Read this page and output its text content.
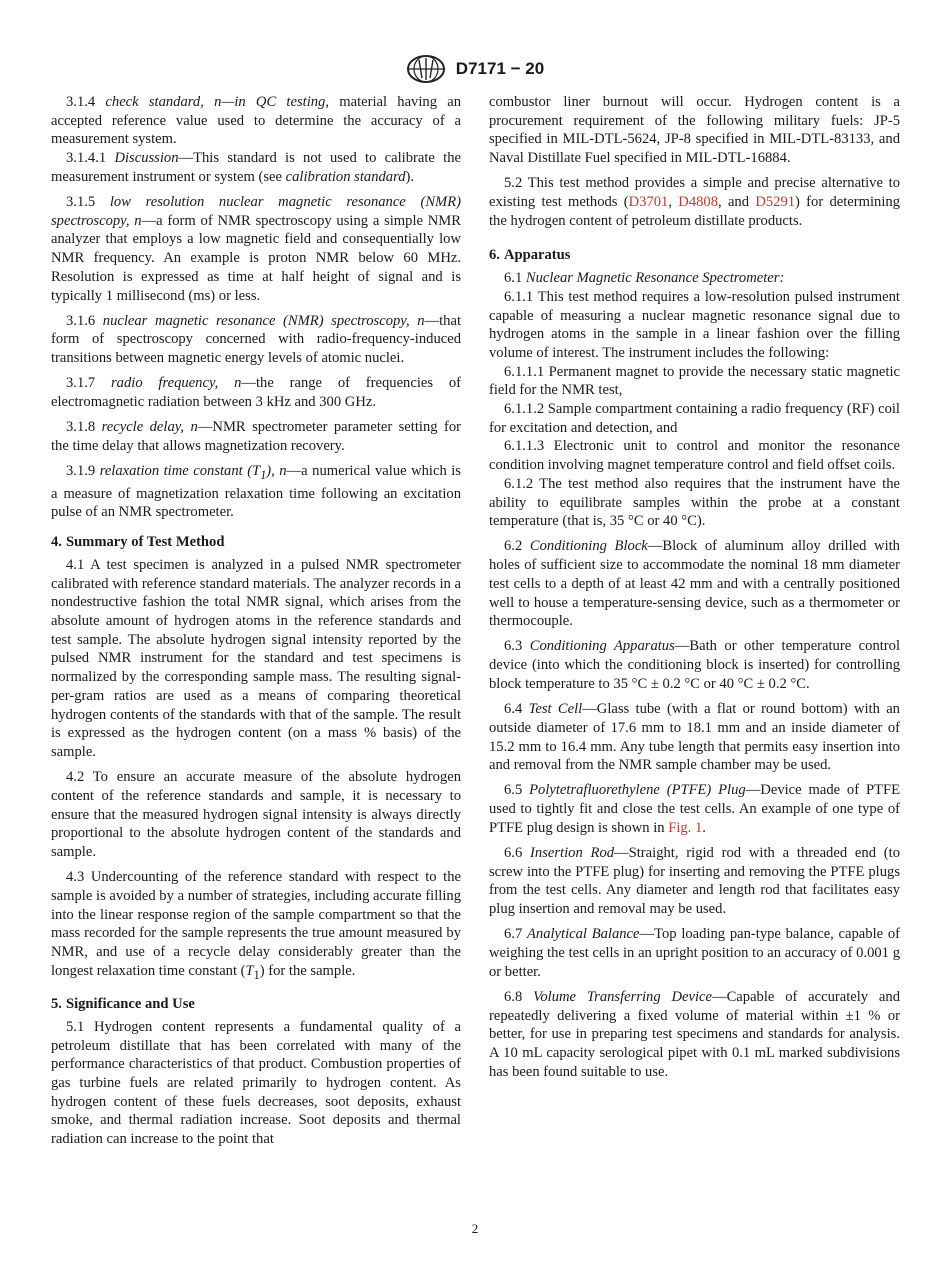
D7171 − 20

3.1.4 check standard, n—in QC testing, material having an accepted reference value used to determine the accuracy of a measurement system.

3.1.4.1 Discussion—This standard is not used to calibrate the measurement instrument or system (see calibration standard).

3.1.5 low resolution nuclear magnetic resonance (NMR) spectroscopy, n—a form of NMR spectroscopy using a simple NMR analyzer that employs a low magnetic field and consequentially low NMR frequency. An example is proton NMR below 60 MHz. Resolution is expressed as time at half height of signal and is typically 1 millisecond (ms) or less.

3.1.6 nuclear magnetic resonance (NMR) spectroscopy, n—that form of spectroscopy concerned with radio-frequency-induced transitions between magnetic energy levels of atomic nuclei.

3.1.7 radio frequency, n—the range of frequencies of electromagnetic radiation between 3 kHz and 300 GHz.

3.1.8 recycle delay, n—NMR spectrometer parameter setting for the time delay that allows magnetization recovery.

3.1.9 relaxation time constant $(T_1)$, n—a numerical value which is a measure of magnetization relaxation time following an excitation pulse of an NMR spectrometer.

4. Summary of Test Method

4.1 A test specimen is analyzed in a pulsed NMR spectrometer calibrated with reference standard materials. The analyzer records in a nondestructive fashion the total NMR signal, which arises from the absolute amount of hydrogen atoms in the reference standards and test sample. The absolute hydrogen signal intensity reported by the pulsed NMR instrument for the standard and test specimens is normalized by the corresponding sample mass. The resulting signal-per-gram ratios are used as a means of comparing theoretical hydrogen contents of the standards with that of the sample. The result is expressed as the hydrogen content (on a mass % basis) of the sample.

4.2 To ensure an accurate measure of the absolute hydrogen content of the reference standards and sample, it is necessary to ensure that the measured hydrogen signal intensity is always directly proportional to the absolute hydrogen content of the standards and sample.

4.3 Undercounting of the reference standard with respect to the sample is avoided by a number of strategies, including accurate filling into the linear response region of the sample compartment so that the mass recorded for the sample represents the true amount measured by NMR, and use of a recycle delay considerably greater than the longest relaxation time constant $(T_1)$ for the sample.

5. Significance and Use

5.1 Hydrogen content represents a fundamental quality of a petroleum distillate that has been correlated with many of the performance characteristics of that product. Combustion properties of gas turbine fuels are related primarily to hydrogen content. As hydrogen content of these fuels decreases, soot deposits, exhaust smoke, and thermal radiation increase. Soot deposits and thermal radiation can increase to the point that

combustor liner burnout will occur. Hydrogen content is a procurement requirement of the following military fuels: JP-5 specified in MIL-DTL-5624, JP-8 specified in MIL-DTL-83133, and Naval Distillate Fuel specified in MIL-DTL-16884.

5.2 This test method provides a simple and precise alternative to existing test methods (D3701, D4808, and D5291) for determining the hydrogen content of petroleum distillate products.

6. Apparatus

6.1 Nuclear Magnetic Resonance Spectrometer:

6.1.1 This test method requires a low-resolution pulsed instrument capable of measuring a nuclear magnetic resonance signal due to hydrogen atoms in the sample in a linear fashion over the filling volume of interest. The instrument includes the following:

6.1.1.1 Permanent magnet to provide the necessary static magnetic field for the NMR test,

6.1.1.2 Sample compartment containing a radio frequency (RF) coil for excitation and detection, and

6.1.1.3 Electronic unit to control and monitor the resonance condition involving magnet temperature control and field offset coils.

6.1.2 The test method also requires that the instrument have the ability to equilibrate samples within the probe at a constant temperature (that is, 35 °C or 40 °C).

6.2 Conditioning Block—Block of aluminum alloy drilled with holes of sufficient size to accommodate the nominal 18 mm diameter test cells to a depth of at least 42 mm and with a centrally positioned well to house a temperature-sensing device, such as a thermometer or thermocouple.

6.3 Conditioning Apparatus—Bath or other temperature control device (into which the conditioning block is inserted) for controlling block temperature to 35 °C ± 0.2 °C or 40 °C ± 0.2 °C.

6.4 Test Cell—Glass tube (with a flat or round bottom) with an outside diameter of 17.6 mm to 18.1 mm and an inside diameter of 15.2 mm to 16.4 mm. Any tube length that permits easy insertion into and removal from the NMR sample chamber may be used.

6.5 Polytetrafluorethylene (PTFE) Plug—Device made of PTFE used to tightly fit and close the test cells. An example of one type of PTFE plug design is shown in Fig. 1.

6.6 Insertion Rod—Straight, rigid rod with a threaded end (to screw into the PTFE plug) for inserting and removing the PTFE plugs from the test cells. Any diameter and length rod that facilitates easy plug insertion and removal may be used.

6.7 Analytical Balance—Top loading pan-type balance, capable of weighing the test cells in an upright position to an accuracy of 0.001 g or better.

6.8 Volume Transferring Device—Capable of accurately and repeatedly delivering a fixed volume of material within ±1 % or better, for use in preparing test specimens and standards for analysis. A 10 mL capacity serological pipet with 0.1 mL marked subdivisions has been found suitable to use.

2
